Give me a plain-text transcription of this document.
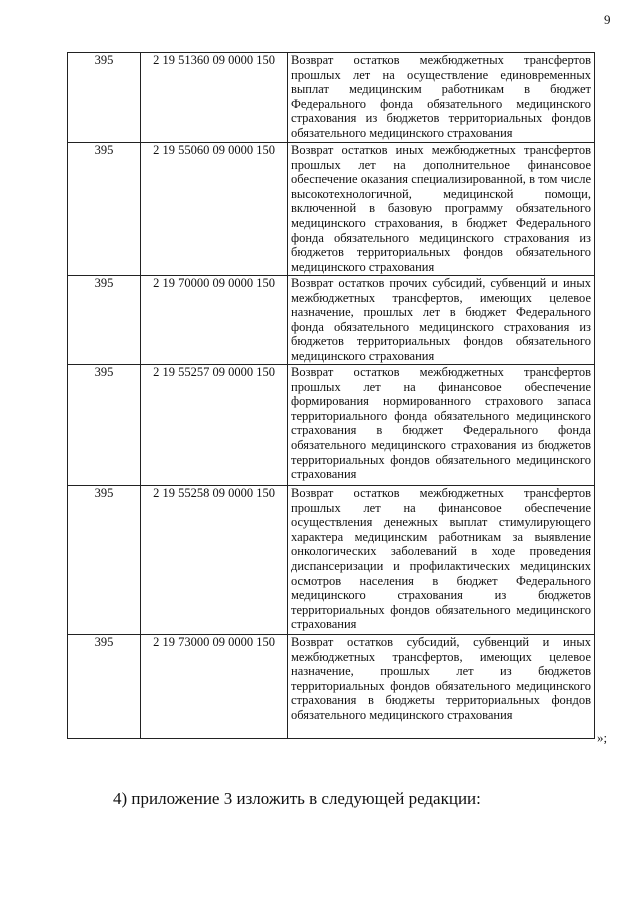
9
395	2 19 51360 09 0000 150	Возврат остатков межбюджетных трансфертов прошлых лет на осуществление единовременных выплат медицинским работникам в бюджет Федерального фонда обязательного медицинского страхования из бюджетов территориальных фондов обязательного медицинского страхования
395	2 19 55060 09 0000 150	Возврат остатков иных межбюджетных трансфертов прошлых лет на дополнительное финансовое обеспечение оказания специализированной, в том числе высокотехнологичной, медицинской помощи, включенной в базовую программу обязательного медицинского страхования, в бюджет Федерального фонда обязательного медицинского страхования из бюджетов территориальных фондов обязательного медицинского страхования
395	2 19 70000 09 0000 150	Возврат остатков прочих субсидий, субвенций и иных межбюджетных трансфертов, имеющих целевое назначение, прошлых лет в бюджет Федерального фонда обязательного медицинского страхования из бюджетов территориальных фондов обязательного медицинского страхования
395	2 19 55257 09 0000 150	Возврат остатков межбюджетных трансфертов прошлых лет на финансовое обеспечение формирования нормированного страхового запаса территориального фонда обязательного медицинского страхования в бюджет Федерального фонда обязательного медицинского страхования из бюджетов территориальных фондов обязательного медицинского страхования
395	2 19 55258 09 0000 150	Возврат остатков межбюджетных трансфертов прошлых лет на финансовое обеспечение осуществления денежных выплат стимулирующего характера медицинским работникам за выявление онкологических заболеваний в ходе проведения диспансеризации и профилактических медицинских осмотров населения в бюджет Федерального медицинского страхования из бюджетов территориальных фондов обязательного медицинского страхования
395	2 19 73000 09 0000 150	Возврат остатков субсидий, субвенций и иных межбюджетных трансфертов, имеющих целевое назначение, прошлых лет из бюджетов территориальных фондов обязательного медицинского страхования в бюджеты территориальных фондов обязательного медицинского страхования
»;
4) приложение 3 изложить в следующей редакции:
